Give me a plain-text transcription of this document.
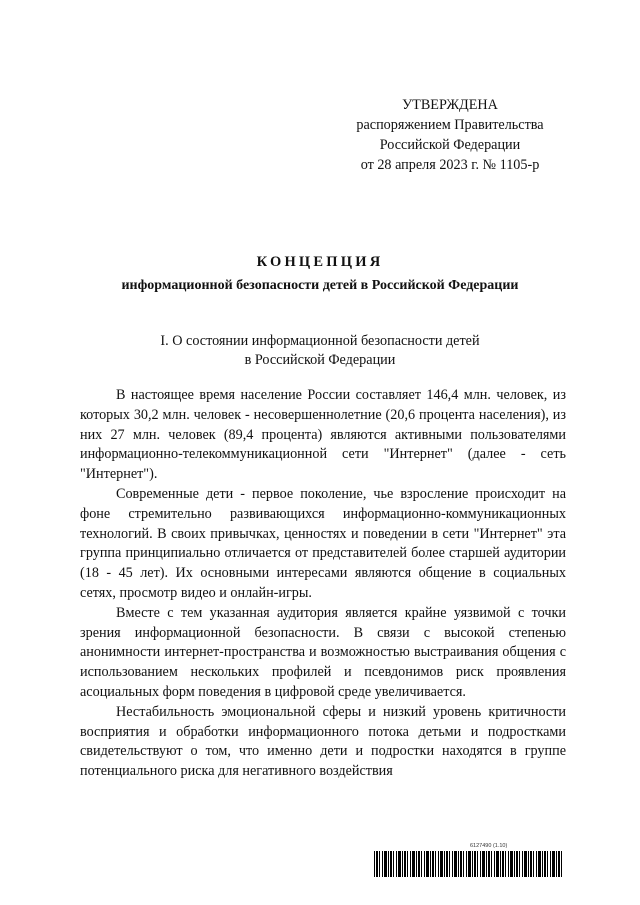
УТВЕРЖДЕНА
распоряжением Правительства
Российской Федерации
от 28 апреля 2023 г. № 1105-р
КОНЦЕПЦИЯ
информационной безопасности детей в Российской Федерации
I. О состоянии информационной безопасности детей
в Российской Федерации

В настоящее время население России составляет 146,4 млн. человек, из которых 30,2 млн. человек - несовершеннолетние (20,6 процента населения), из них 27 млн. человек (89,4 процента) являются активными пользователями информационно-телекоммуникационной сети "Интернет" (далее - сеть "Интернет").

Современные дети - первое поколение, чье взросление происходит на фоне стремительно развивающихся информационно-коммуникационных технологий. В своих привычках, ценностях и поведении в сети "Интернет" эта группа принципиально отличается от представителей более старшей аудитории (18 - 45 лет). Их основными интересами являются общение в социальных сетях, просмотр видео и онлайн-игры.

Вместе с тем указанная аудитория является крайне уязвимой с точки зрения информационной безопасности. В связи с высокой степенью анонимности интернет-пространства и возможностью выстраивания общения с использованием нескольких профилей и псевдонимов риск проявления асоциальных форм поведения в цифровой среде увеличивается.

Нестабильность эмоциональной сферы и низкий уровень критичности восприятия и обработки информационного потока детьми и подростками свидетельствуют о том, что именно дети и подростки находятся в группе потенциального риска для негативного воздействия

6127490 (1.10)
